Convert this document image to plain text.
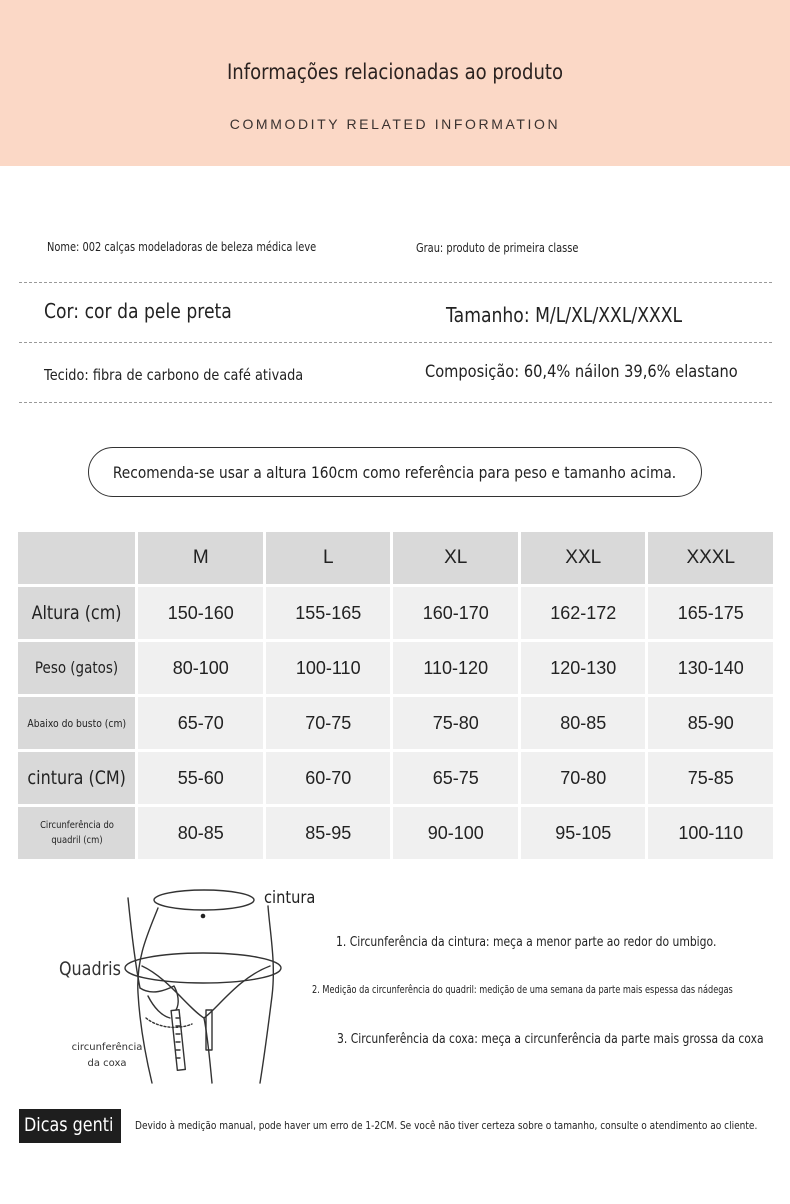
Informações relacionadas ao produto
COMMODITY RELATED INFORMATION
Nome: 002 calças modeladoras de beleza médica leve	Grau: produto de primeira classe
Cor: cor da pele preta	Tamanho: M/L/XL/XXL/XXXL
Tecido: fibra de carbono de café ativada	Composição: 60,4% náilon 39,6% elastano
Recomenda-se usar a altura 160cm como referência para peso e tamanho acima.
	M	L	XL	XXL	XXXL
Altura (cm)	150-160	155-165	160-170	162-172	165-175
Peso (gatos)	80-100	100-110	110-120	120-130	130-140
Abaixo do busto (cm)	65-70	70-75	75-80	80-85	85-90
cintura (CM)	55-60	60-70	65-75	70-80	75-85
Circunferência do quadril (cm)	80-85	85-95	90-100	95-105	100-110
cintura
Quadris
circunferência da coxa
1. Circunferência da cintura: meça a menor parte ao redor do umbigo.
2. Medição da circunferência do quadril: medição de uma semana da parte mais espessa das nádegas
3. Circunferência da coxa: meça a circunferência da parte mais grossa da coxa
Dicas genti Devido à medição manual, pode haver um erro de 1-2CM. Se você não tiver certeza sobre o tamanho, consulte o atendimento ao cliente.
